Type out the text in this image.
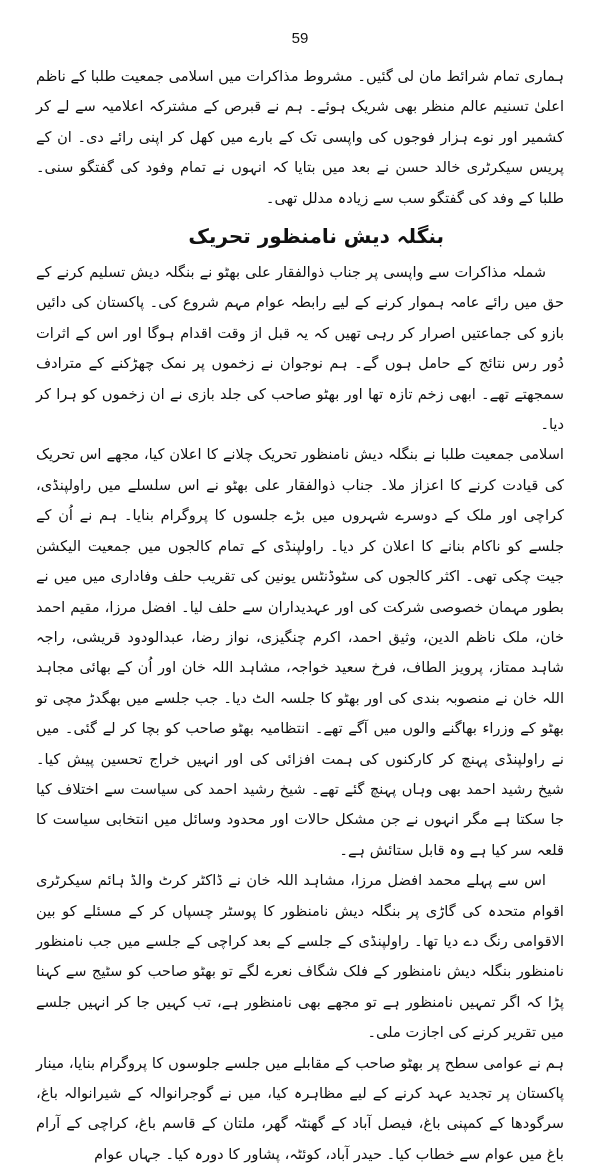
59

ہماری تمام شرائط مان لی گئیں۔ مشروط مذاکرات میں اسلامی جمعیت طلبا کے ناظم اعلیٰ تسنیم عالم منظر بھی شریک ہوئے۔ ہم نے قبرص کے مشترکہ اعلامیہ سے لے کر کشمیر اور نوے ہزار فوجوں کی واپسی تک کے بارے میں کھل کر اپنی رائے دی۔ ان کے پریس سیکرٹری خالد حسن نے بعد میں بتایا کہ انہوں نے تمام وفود کی گفتگو سنی۔ طلبا کے وفد کی گفتگو سب سے زیادہ مدلل تھی۔

بنگلہ دیش نامنظور تحریک

شملہ مذاکرات سے واپسی پر جناب ذوالفقار علی بھٹو نے بنگلہ دیش تسلیم کرنے کے حق میں رائے عامہ ہموار کرنے کے لیے رابطہ عوام مہم شروع کی۔ پاکستان کی دائیں بازو کی جماعتیں اصرار کر رہی تھیں کہ یہ قبل از وقت اقدام ہوگا اور اس کے اثرات دُور رس نتائج کے حامل ہوں گے۔ ہم نوجوان نے زخموں پر نمک چھڑکنے کے مترادف سمجھتے تھے۔ ابھی زخم تازہ تھا اور بھٹو صاحب کی جلد بازی نے ان زخموں کو ہرا کر دیا۔

اسلامی جمعیت طلبا نے بنگلہ دیش نامنظور تحریک چلانے کا اعلان کیا، مجھے اس تحریک کی قیادت کرنے کا اعزاز ملا۔ جناب ذوالفقار علی بھٹو نے اس سلسلے میں راولپنڈی، کراچی اور ملک کے دوسرے شہروں میں بڑے جلسوں کا پروگرام بنایا۔ ہم نے اُن کے جلسے کو ناکام بنانے کا اعلان کر دیا۔ راولپنڈی کے تمام کالجوں میں جمعیت الیکشن جیت چکی تھی۔ اکثر کالجوں کی سٹوڈنٹس یونین کی تقریب حلف وفاداری میں میں نے بطور مہمان خصوصی شرکت کی اور عہدیداران سے حلف لیا۔ افضل مرزا، مقیم احمد خان، ملک ناظم الدین، وثیق احمد، اکرم چنگیزی، نواز رضا، عبدالودود قریشی، راجہ شاہد ممتاز، پرویز الطاف، فرخ سعید خواجہ، مشاہد اللہ خان اور اُن کے بھائی مجاہد اللہ خان نے منصوبہ بندی کی اور بھٹو کا جلسہ الٹ دیا۔ جب جلسے میں بھگدڑ مچی تو بھٹو کے وزراء بھاگنے والوں میں آگے تھے۔ انتظامیہ بھٹو صاحب کو بچا کر لے گئی۔ میں نے راولپنڈی پہنچ کر کارکنوں کی ہمت افزائی کی اور انہیں خراج تحسین پیش کیا۔ شیخ رشید احمد بھی وہاں پہنچ گئے تھے۔ شیخ رشید احمد کی سیاست سے اختلاف کیا جا سکتا ہے مگر انہوں نے جن مشکل حالات اور محدود وسائل میں انتخابی سیاست کا قلعہ سر کیا ہے وہ قابل ستائش ہے۔

اس سے پہلے محمد افضل مرزا، مشاہد اللہ خان نے ڈاکٹر کرٹ والڈ ہائم سیکرٹری اقوام متحدہ کی گاڑی پر بنگلہ دیش نامنظور کا پوسٹر چسپاں کر کے مسئلے کو بین الاقوامی رنگ دے دیا تھا۔ راولپنڈی کے جلسے کے بعد کراچی کے جلسے میں جب نامنظور نامنظور بنگلہ دیش نامنظور کے فلک شگاف نعرے لگے تو بھٹو صاحب کو سٹیج سے کہنا پڑا کہ اگر تمہیں نامنظور ہے تو مجھے بھی نامنظور ہے، تب کہیں جا کر انہیں جلسے میں تقریر کرنے کی اجازت ملی۔

ہم نے عوامی سطح پر بھٹو صاحب کے مقابلے میں جلسے جلوسوں کا پروگرام بنایا، مینار پاکستان پر تجدید عہد کرنے کے لیے مظاہرہ کیا، میں نے گوجرانوالہ کے شیرانوالہ باغ، سرگودھا کے کمپنی باغ، فیصل آباد کے گھنٹہ گھر، ملتان کے قاسم باغ، کراچی کے آرام باغ میں عوام سے خطاب کیا۔ حیدر آباد، کوئٹہ، پشاور کا دورہ کیا۔ جہاں عوام
